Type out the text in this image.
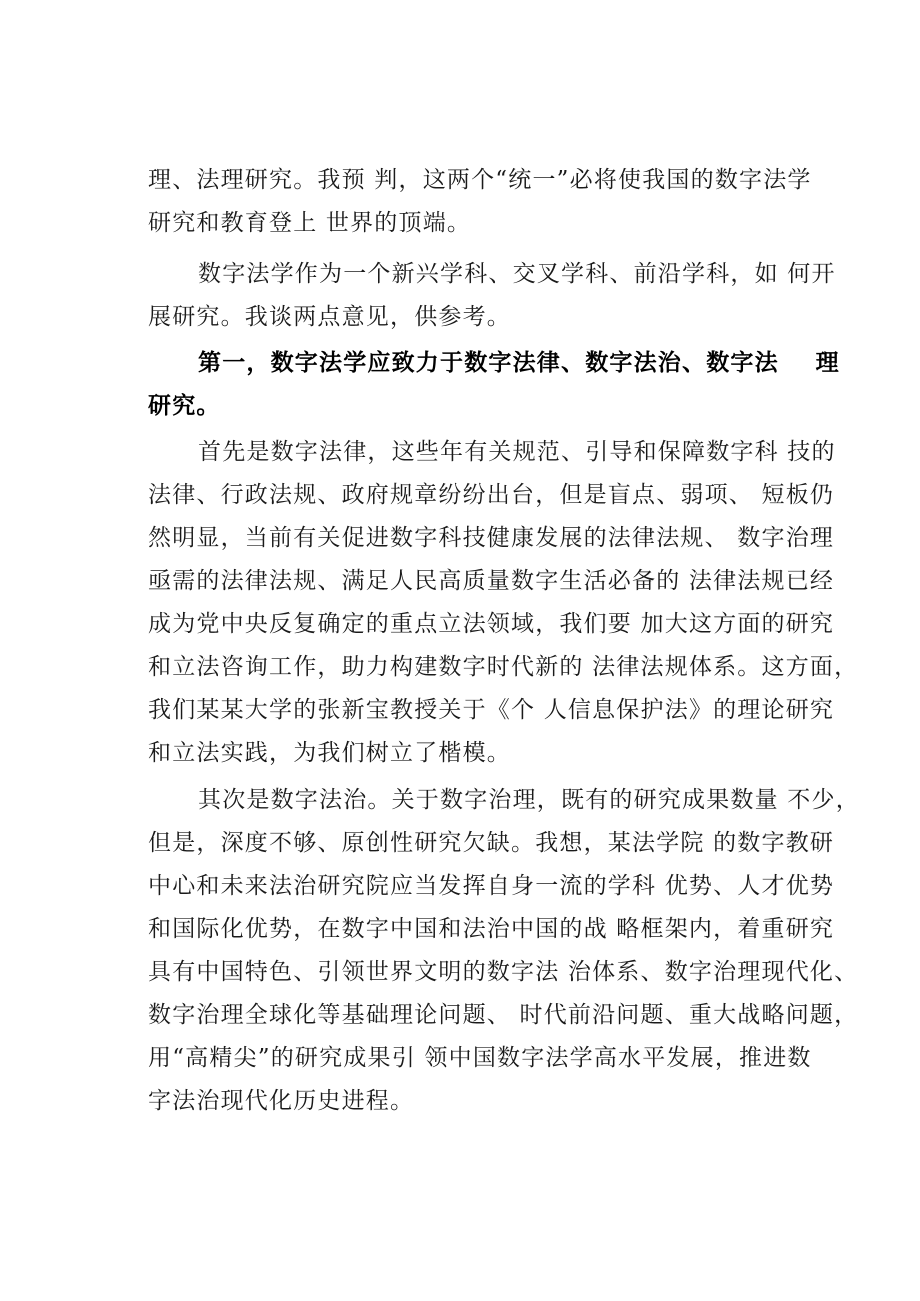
理、法理研究。我预 判，这两个“统一”必将使我国的数字法学
研究和教育登上 世界的顶端。
数字法学作为一个新兴学科、交叉学科、前沿学科，如 何开
展研究。我谈两点意见，供参考。
第一，数字法学应致力于数字法律、数字法治、数字法    理
研究。
首先是数字法律，这些年有关规范、引导和保障数字科 技的
法律、行政法规、政府规章纷纷出台，但是盲点、弱项、 短板仍
然明显，当前有关促进数字科技健康发展的法律法规、 数字治理
亟需的法律法规、满足人民高质量数字生活必备的 法律法规已经
成为党中央反复确定的重点立法领域，我们要 加大这方面的研究
和立法咨询工作，助力构建数字时代新的 法律法规体系。这方面，
我们某某大学的张新宝教授关于《个 人信息保护法》的理论研究
和立法实践，为我们树立了楷模。
其次是数字法治。关于数字治理，既有的研究成果数量 不少，
但是，深度不够、原创性研究欠缺。我想，某法学院 的数字教研
中心和未来法治研究院应当发挥自身一流的学科 优势、人才优势
和国际化优势，在数字中国和法治中国的战 略框架内，着重研究
具有中国特色、引领世界文明的数字法 治体系、数字治理现代化、
数字治理全球化等基础理论问题、 时代前沿问题、重大战略问题，
用“高精尖”的研究成果引 领中国数字法学高水平发展，推进数
字法治现代化历史进程。
